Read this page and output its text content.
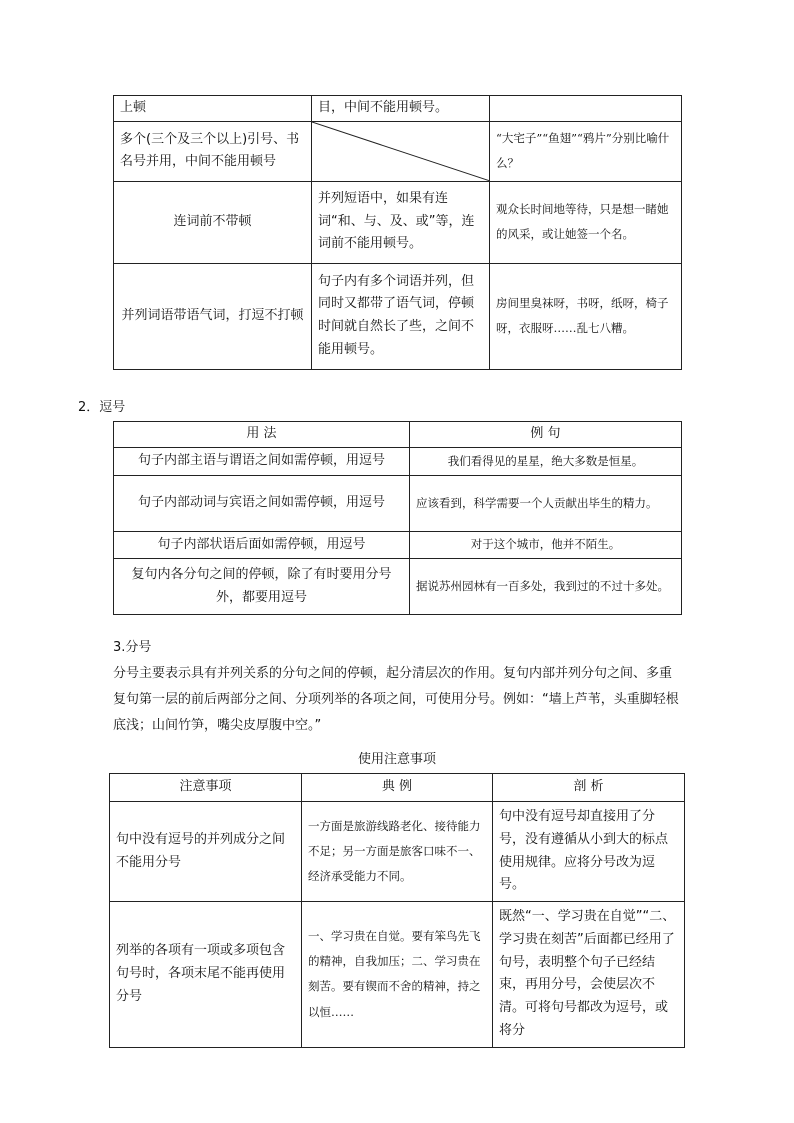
上顿	目，中间不能用顿号。	
多个(三个及三个以上)引号、书名号并用，中间不能用顿号		“大宅子”“鱼翅”“鸦片”分别比喻什么？
连词前不带顿	并列短语中，如果有连词“和、与、及、或”等，连词前不能用顿号。	观众长时间地等待，只是想一睹她的风采，或让她签一个名。
并列词语带语气词，打逗不打顿	句子内有多个词语并列，但同时又都带了语气词，停顿时间就自然长了些，之间不能用顿号。	房间里臭袜呀，书呀，纸呀，椅子呀，衣服呀……乱七八糟。
2．逗号
用 法	例 句
句子内部主语与谓语之间如需停顿，用逗号	我们看得见的星星，绝大多数是恒星。
句子内部动词与宾语之间如需停顿，用逗号	应该看到，科学需要一个人贡献出毕生的精力。
句子内部状语后面如需停顿，用逗号	对于这个城市，他并不陌生。
复句内各分句之间的停顿，除了有时要用分号外，都要用逗号	据说苏州园林有一百多处，我到过的不过十多处。
3.分号
分号主要表示具有并列关系的分句之间的停顿，起分清层次的作用。复句内部并列分句之间、多重复句第一层的前后两部分之间、分项列举的各项之间，可使用分号。例如：“墙上芦苇，头重脚轻根底浅；山间竹笋，嘴尖皮厚腹中空。”
使用注意事项
注意事项	典 例	剖 析
句中没有逗号的并列成分之间不能用分号	一方面是旅游线路老化、接待能力不足；另一方面是旅客口味不一、经济承受能力不同。	句中没有逗号却直接用了分号，没有遵循从小到大的标点使用规律。应将分号改为逗号。
列举的各项有一项或多项包含句号时，各项末尾不能再使用分号	一、学习贵在自觉。要有笨鸟先飞的精神，自我加压；二、学习贵在刻苦。要有锲而不舍的精神，持之以恒……	既然“一、学习贵在自觉”“二、学习贵在刻苦”后面都已经用了句号，表明整个句子已经结束，再用分号，会使层次不清。可将句号都改为逗号，或将分
